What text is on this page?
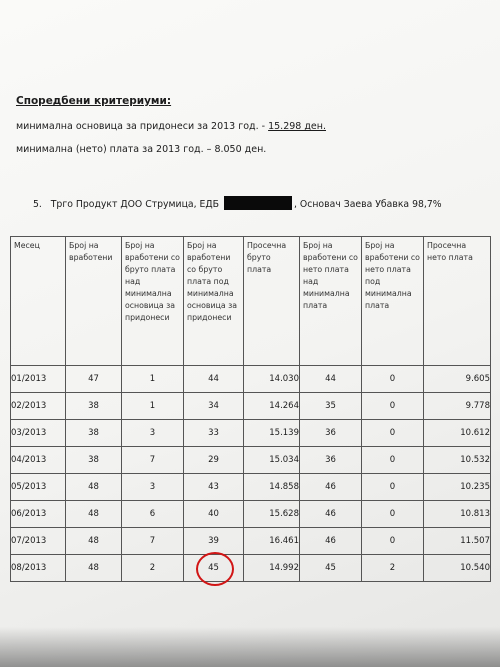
Споредбени критериуми:
минимална основица за придонеси за 2013 год. - 15.298 ден.
минимална (нето) плата за 2013 год. – 8.050 ден.
5. Трго Продукт ДОО Струмица, ЕДБ	, Основач Заева Убавка 98,7%
Месец	Број на вработени	Број на вработени со бруто плата над минимална основица за придонеси	Број на вработени со бруто плата под минимална основица за придонеси	Просечна бруто плата	Број на вработени со нето плата над минимална плата	Број на вработени со нето плата под минимална плата	Просечна нето плата
01/2013	47	1	44	14.030	44	0	9.605
02/2013	38	1	34	14.264	35	0	9.778
03/2013	38	3	33	15.139	36	0	10.612
04/2013	38	7	29	15.034	36	0	10.532
05/2013	48	3	43	14.858	46	0	10.235
06/2013	48	6	40	15.628	46	0	10.813
07/2013	48	7	39	16.461	46	0	11.507
08/2013	48	2	45	14.992	45	2	10.540
